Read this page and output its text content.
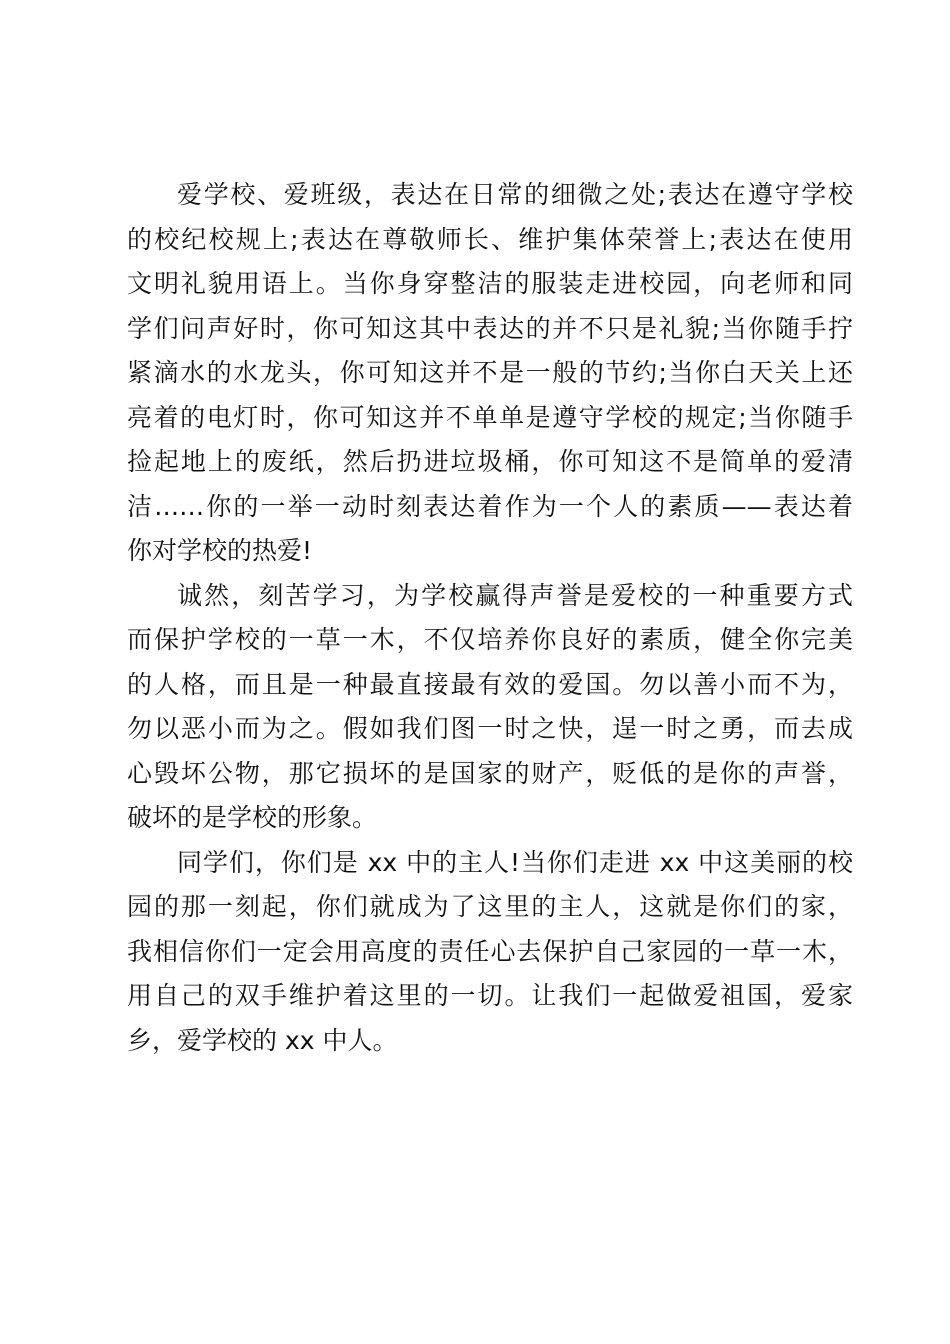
爱学校、爱班级，表达在日常的细微之处;表达在遵守学校
的校纪校规上;表达在尊敬师长、维护集体荣誉上;表达在使用
文明礼貌用语上。当你身穿整洁的服装走进校园，向老师和同
学们问声好时，你可知这其中表达的并不只是礼貌;当你随手拧
紧滴水的水龙头，你可知这并不是一般的节约;当你白天关上还
亮着的电灯时，你可知这并不单单是遵守学校的规定;当你随手
捡起地上的废纸，然后扔进垃圾桶，你可知这不是简单的爱清
洁……你的一举一动时刻表达着作为一个人的素质——表达着
你对学校的热爱!
诚然，刻苦学习，为学校赢得声誉是爱校的一种重要方式
而保护学校的一草一木，不仅培养你良好的素质，健全你完美
的人格，而且是一种最直接最有效的爱国。勿以善小而不为，
勿以恶小而为之。假如我们图一时之快，逞一时之勇，而去成
心毁坏公物，那它损坏的是国家的财产，贬低的是你的声誉，
破坏的是学校的形象。
同学们，你们是 xx 中的主人!当你们走进 xx 中这美丽的校
园的那一刻起，你们就成为了这里的主人，这就是你们的家，
我相信你们一定会用高度的责任心去保护自己家园的一草一木，
用自己的双手维护着这里的一切。让我们一起做爱祖国，爱家
乡，爱学校的 xx 中人。
